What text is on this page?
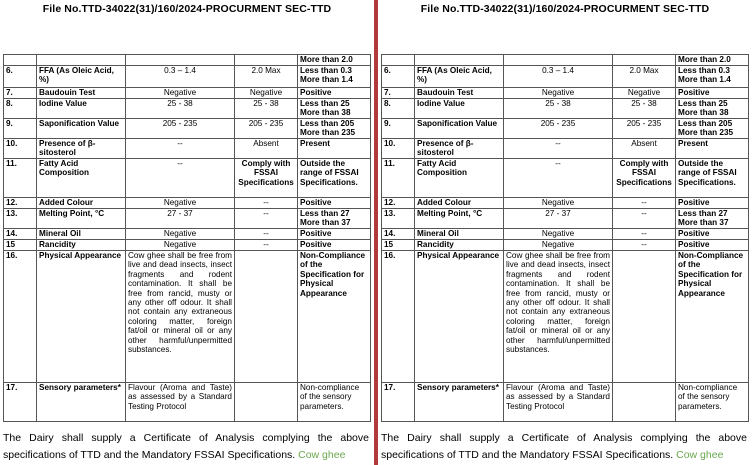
File No.TTD-34022(31)/160/2024-PROCURMENT SEC-TTD
				More than 2.0
6.	FFA (As Oleic Acid, %)	0.3 – 1.4	2.0 Max	Less than 0.3 More than 1.4
7.	Baudouin Test	Negative	Negative	Positive
8.	Iodine Value	25 - 38	25 - 38	Less than 25 More than 38
9.	Saponification Value	205 - 235	205 - 235	Less than 205 More than 235
10.	Presence of β-sitosterol	--	Absent	Present
11.	Fatty Acid Composition	--	Comply with FSSAI Specifications	Outside the range of FSSAI Specifications.
12.	Added Colour	Negative	--	Positive
13.	Melting Point, °C	27 - 37	--	Less than 27 More than 37
14.	Mineral Oil	Negative	--	Positive
15	Rancidity	Negative	--	Positive
16.	Physical Appearance	Cow ghee shall be free from live and dead insects, insect fragments and rodent contamination. It shall be free from rancid, musty or any other off odour. It shall not contain any extraneous coloring matter, foreign fat/oil or mineral oil or any other harmful/unpermitted substances.		Non-Compliance of the Specification for Physical Appearance
17.	Sensory parameters*	Flavour (Aroma and Taste) as assessed by a Standard Testing Protocol		Non-compliance of the sensory parameters.
The Dairy shall supply a Certificate of Analysis complying the above specifications of TTD and the Mandatory FSSAI Specifications. Cow ghee
File No.TTD-34022(31)/160/2024-PROCURMENT SEC-TTD
				More than 2.0
6.	FFA (As Oleic Acid, %)	0.3 – 1.4	2.0 Max	Less than 0.3 More than 1.4
7.	Baudouin Test	Negative	Negative	Positive
8.	Iodine Value	25 - 38	25 - 38	Less than 25 More than 38
9.	Saponification Value	205 - 235	205 - 235	Less than 205 More than 235
10.	Presence of β-sitosterol	--	Absent	Present
11.	Fatty Acid Composition	--	Comply with FSSAI Specifications	Outside the range of FSSAI Specifications.
12.	Added Colour	Negative	--	Positive
13.	Melting Point, °C	27 - 37	--	Less than 27 More than 37
14.	Mineral Oil	Negative	--	Positive
15	Rancidity	Negative	--	Positive
16.	Physical Appearance	Cow ghee shall be free from live and dead insects, insect fragments and rodent contamination. It shall be free from rancid, musty or any other off odour. It shall not contain any extraneous coloring matter, foreign fat/oil or mineral oil or any other harmful/unpermitted substances.		Non-Compliance of the Specification for Physical Appearance
17.	Sensory parameters*	Flavour (Aroma and Taste) as assessed by a Standard Testing Protocol		Non-compliance of the sensory parameters.
The Dairy shall supply a Certificate of Analysis complying the above specifications of TTD and the Mandatory FSSAI Specifications. Cow ghee
